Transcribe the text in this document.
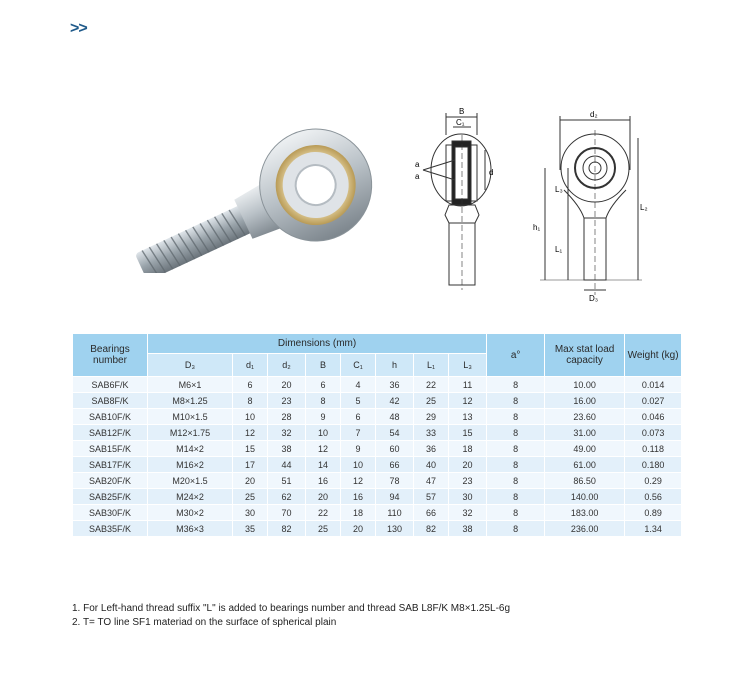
>>
B
C₁
a
a	d
d₂
L₃
h₁
L₁
L₂
D₃
Bearings number	Dimensions (mm)								a°	Max stat load capacity	Weight (kg)
	D₃	d₁	d₂	B	C₁	h	L₁	L₃			
SAB6F/K	M6×1	6	20	6	4	36	22	11	8	10.00	0.014
SAB8F/K	M8×1.25	8	23	8	5	42	25	12	8	16.00	0.027
SAB10F/K	M10×1.5	10	28	9	6	48	29	13	8	23.60	0.046
SAB12F/K	M12×1.75	12	32	10	7	54	33	15	8	31.00	0.073
SAB15F/K	M14×2	15	38	12	9	60	36	18	8	49.00	0.118
SAB17F/K	M16×2	17	44	14	10	66	40	20	8	61.00	0.180
SAB20F/K	M20×1.5	20	51	16	12	78	47	23	8	86.50	0.29
SAB25F/K	M24×2	25	62	20	16	94	57	30	8	140.00	0.56
SAB30F/K	M30×2	30	70	22	18	110	66	32	8	183.00	0.89
SAB35F/K	M36×3	35	82	25	20	130	82	38	8	236.00	1.34
1. For Left-hand thread suffix "L" is added to bearings number and thread SAB L8F/K M8×1.25L-6g
2. T= TO line SF1 materiad on the surface of spherical plain
